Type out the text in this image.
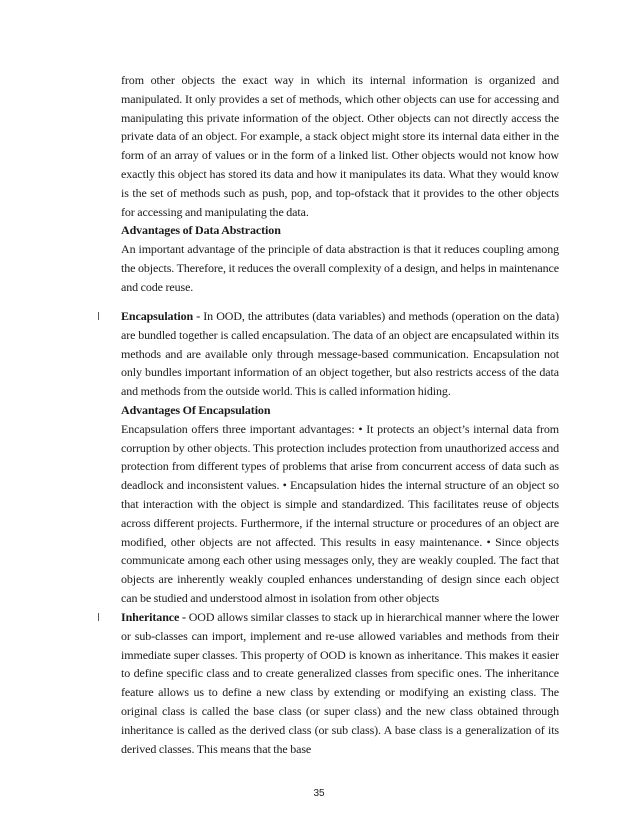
from other objects the exact way in which its internal information is organized and manipulated. It only provides a set of methods, which other objects can use for accessing and manipulating this private information of the object. Other objects can not directly access the private data of an object. For example, a stack object might store its internal data either in the form of an array of values or in the form of a linked list. Other objects would not know how exactly this object has stored its data and how it manipulates its data. What they would know is the set of methods such as push, pop, and top-ofstack that it provides to the other objects for accessing and manipulating the data.

Advantages of Data Abstraction

An important advantage of the principle of data abstraction is that it reduces coupling among the objects. Therefore, it reduces the overall complexity of a design, and helps in maintenance and code reuse.

l Encapsulation - In OOD, the attributes (data variables) and methods (operation on the data) are bundled together is called encapsulation. The data of an object are encapsulated within its methods and are available only through message-based communication. Encapsulation not only bundles important information of an object together, but also restricts access of the data and methods from the outside world. This is called information hiding.

Advantages Of Encapsulation

Encapsulation offers three important advantages: • It protects an object’s internal data from corruption by other objects. This protection includes protection from unauthorized access and protection from different types of problems that arise from concurrent access of data such as deadlock and inconsistent values. • Encapsulation hides the internal structure of an object so that interaction with the object is simple and standardized. This facilitates reuse of objects across different projects. Furthermore, if the internal structure or procedures of an object are modified, other objects are not affected. This results in easy maintenance. • Since objects communicate among each other using messages only, they are weakly coupled. The fact that objects are inherently weakly coupled enhances understanding of design since each object can be studied and understood almost in isolation from other objects

l Inheritance - OOD allows similar classes to stack up in hierarchical manner where the lower or sub-classes can import, implement and re-use allowed variables and methods from their immediate super classes. This property of OOD is known as inheritance. This makes it easier to define specific class and to create generalized classes from specific ones. The inheritance feature allows us to define a new class by extending or modifying an existing class. The original class is called the base class (or super class) and the new class obtained through inheritance is called as the derived class (or sub class). A base class is a generalization of its derived classes. This means that the base

35
